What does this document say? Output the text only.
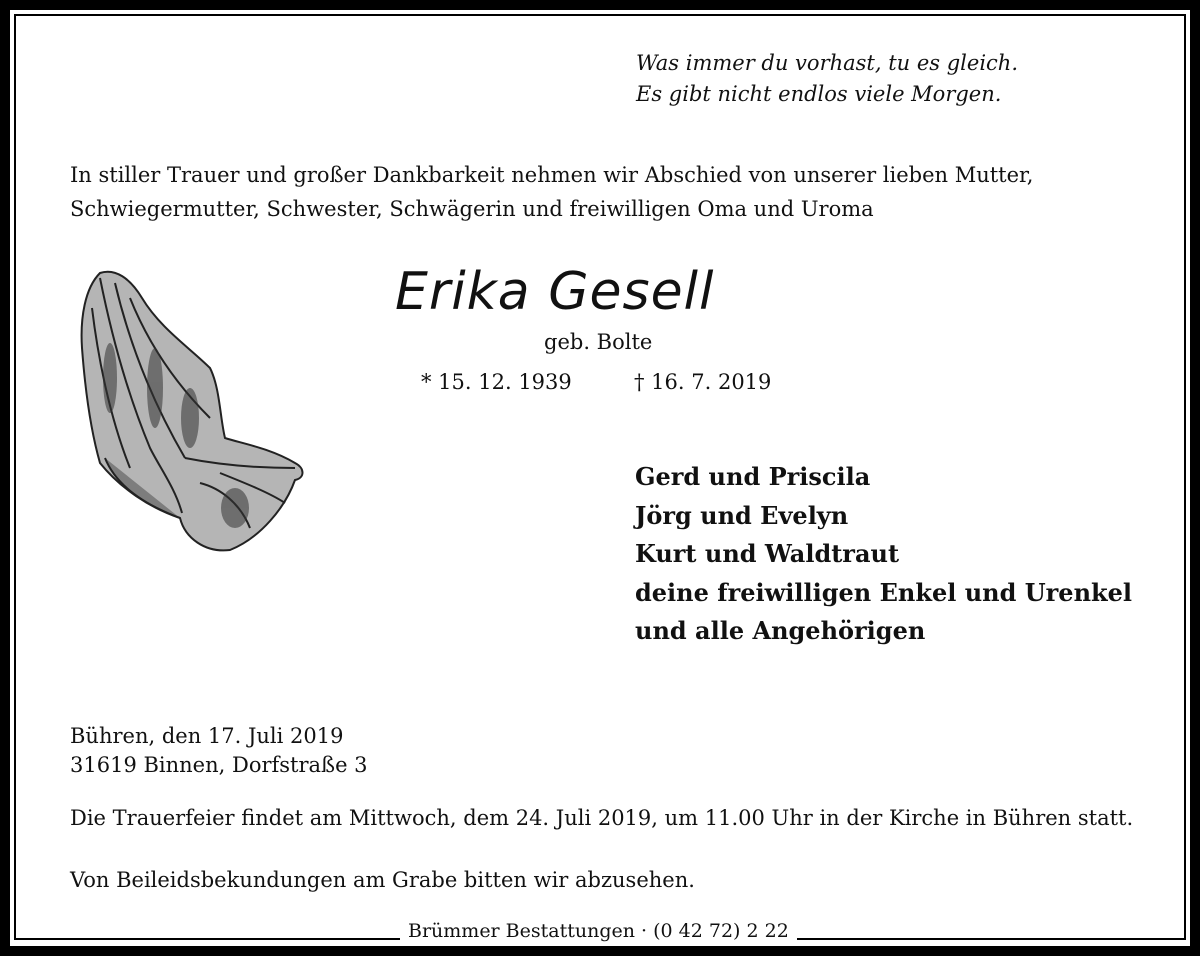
Was immer du vorhast, tu es gleich.
Es gibt nicht endlos viele Morgen.
In stiller Trauer und großer Dankbarkeit nehmen wir Abschied von unserer lieben Mutter,
Schwiegermutter, Schwester, Schwägerin und freiwilligen Oma und Uroma
Erika Gesell
geb. Bolte
* 15. 12. 1939	† 16. 7. 2019
Gerd und Priscila
Jörg und Evelyn
Kurt und Waldtraut
deine freiwilligen Enkel und Urenkel
und alle Angehörigen
Bühren, den 17. Juli 2019
31619 Binnen, Dorfstraße 3
Die Trauerfeier findet am Mittwoch, dem 24. Juli 2019, um 11.00 Uhr in der Kirche in Bühren statt.
Von Beileidsbekundungen am Grabe bitten wir abzusehen.
Brümmer Bestattungen · (0 42 72) 2 22
